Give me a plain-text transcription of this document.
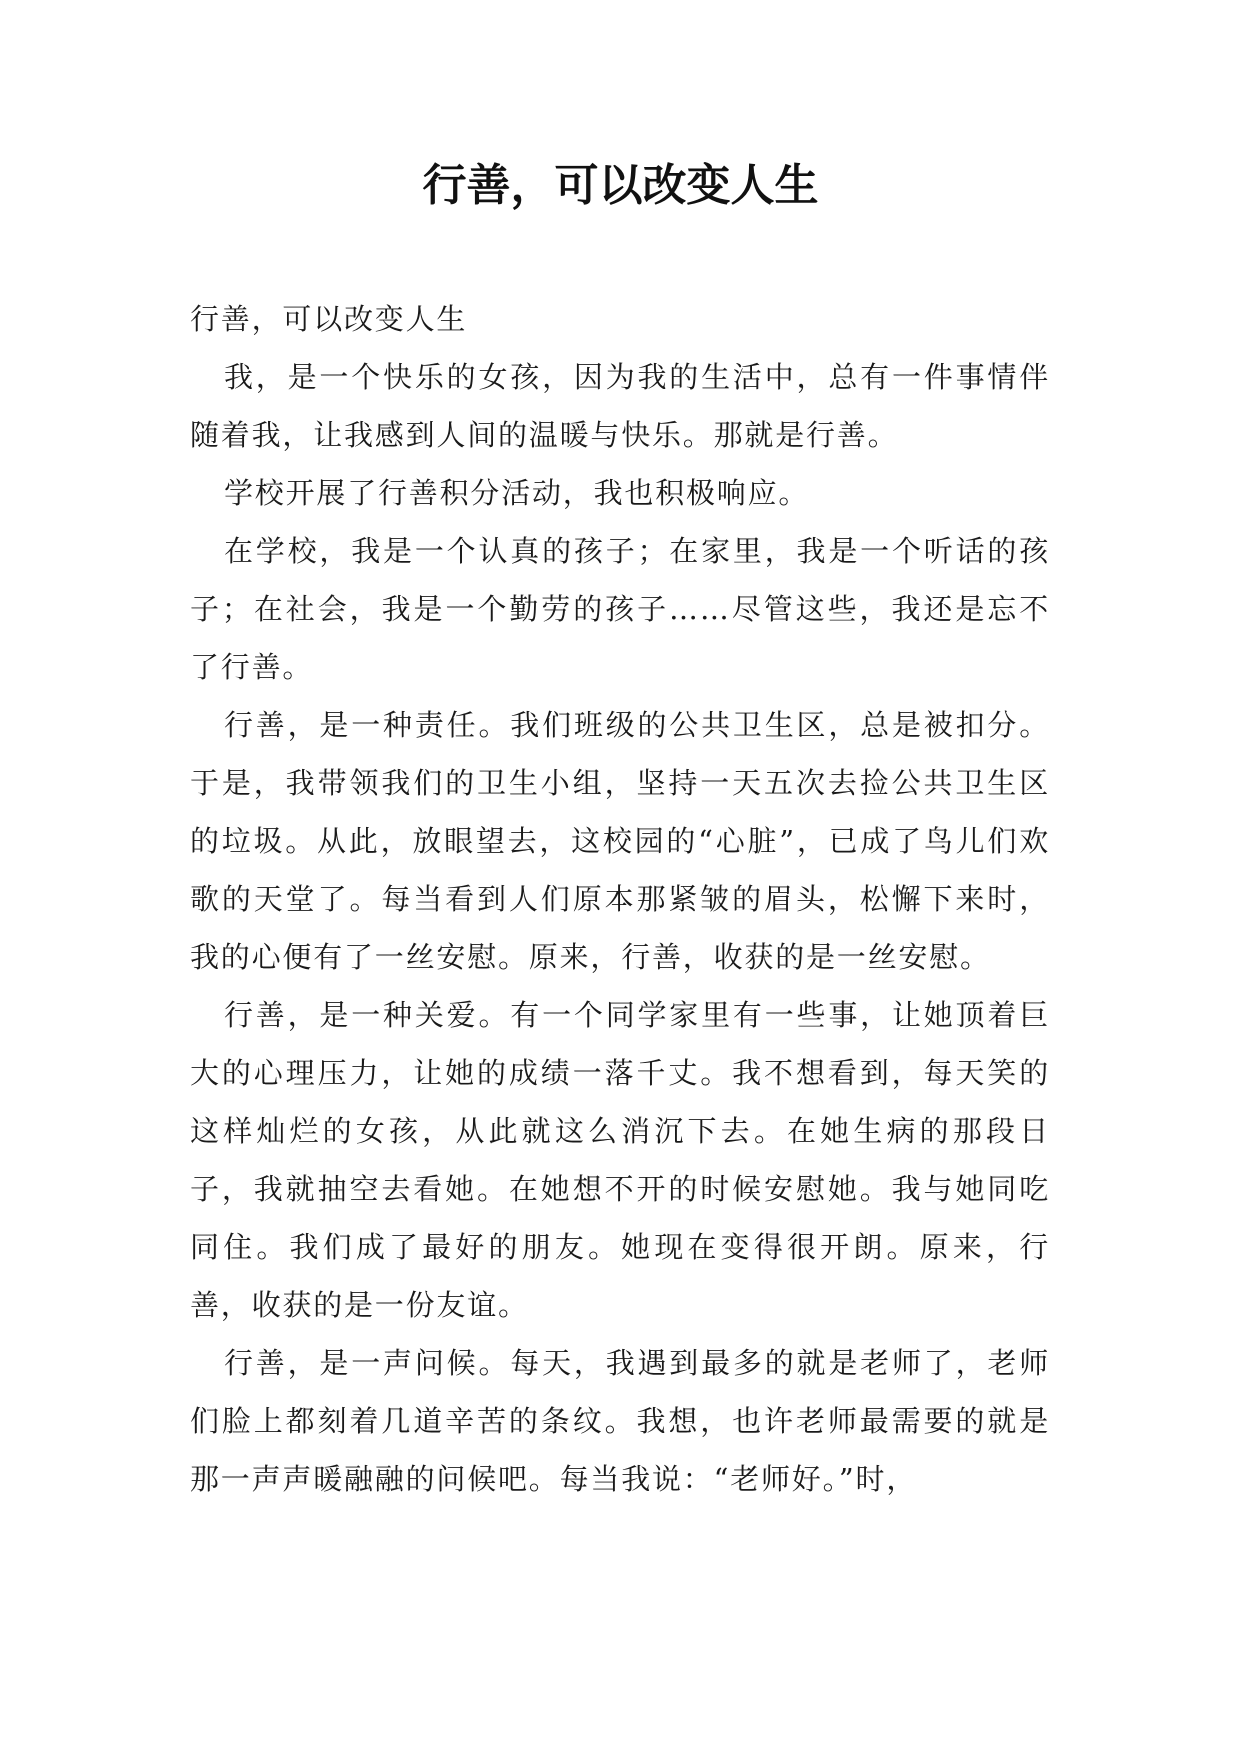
行善，可以改变人生

行善，可以改变人生

我，是一个快乐的女孩，因为我的生活中，总有一件事情伴随着我，让我感到人间的温暖与快乐。那就是行善。

学校开展了行善积分活动，我也积极响应。

在学校，我是一个认真的孩子；在家里，我是一个听话的孩子；在社会，我是一个勤劳的孩子……尽管这些，我还是忘不了行善。

行善，是一种责任。我们班级的公共卫生区，总是被扣分。于是，我带领我们的卫生小组，坚持一天五次去捡公共卫生区的垃圾。从此，放眼望去，这校园的“心脏”，已成了鸟儿们欢歌的天堂了。每当看到人们原本那紧皱的眉头，松懈下来时，我的心便有了一丝安慰。原来，行善，收获的是一丝安慰。

行善，是一种关爱。有一个同学家里有一些事，让她顶着巨大的心理压力，让她的成绩一落千丈。我不想看到，每天笑的这样灿烂的女孩，从此就这么消沉下去。在她生病的那段日子，我就抽空去看她。在她想不开的时候安慰她。我与她同吃同住。我们成了最好的朋友。她现在变得很开朗。原来，行善，收获的是一份友谊。

行善，是一声问候。每天，我遇到最多的就是老师了，老师们脸上都刻着几道辛苦的条纹。我想，也许老师最需要的就是那一声声暖融融的问候吧。每当我说：“老师好。”时，
